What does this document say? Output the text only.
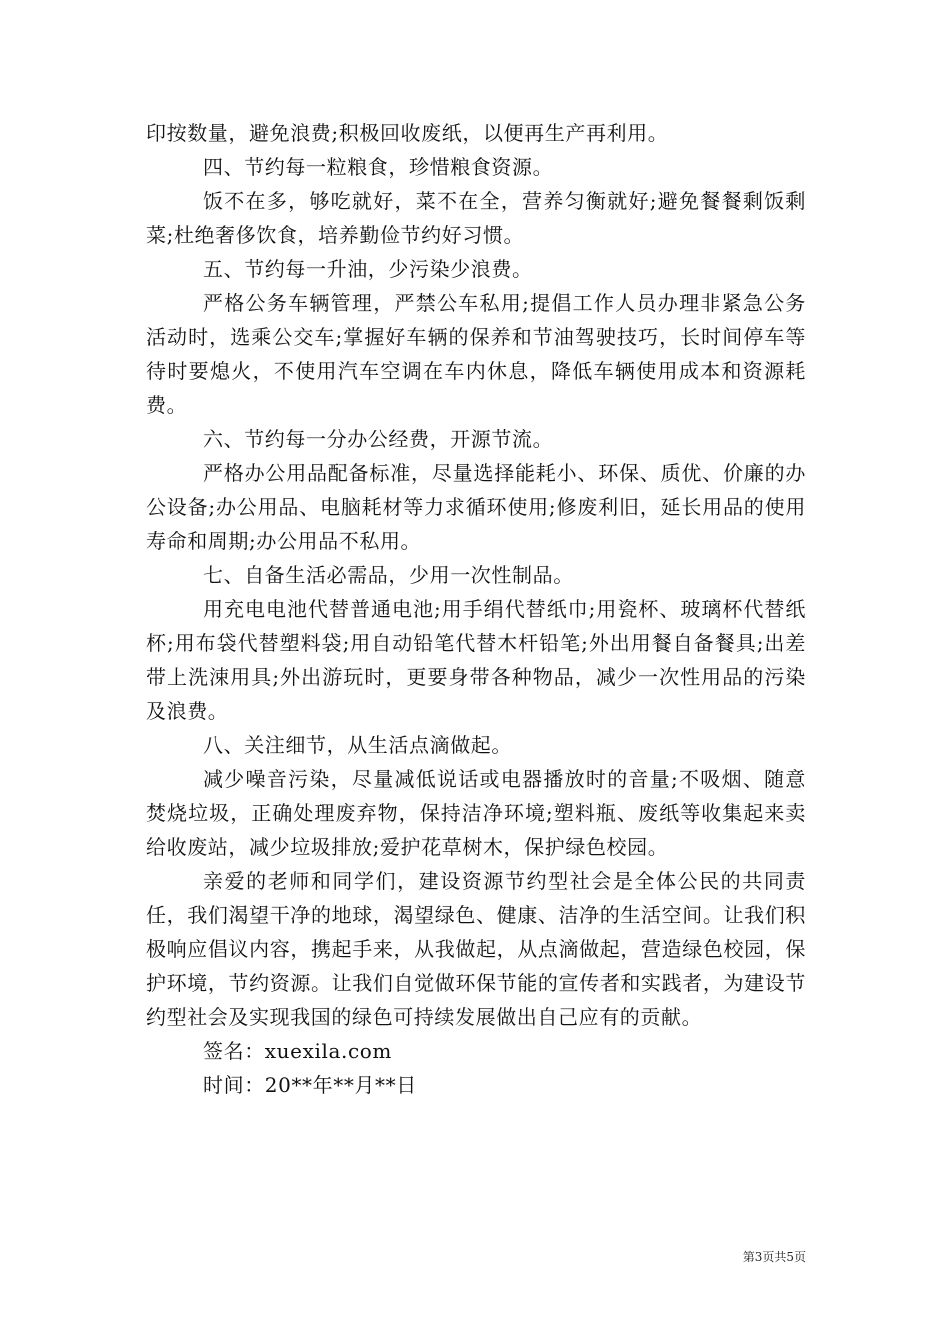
印按数量，避免浪费;积极回收废纸，以便再生产再利用。

四、节约每一粒粮食，珍惜粮食资源。

饭不在多，够吃就好，菜不在全，营养匀衡就好;避免餐餐剩饭剩菜;杜绝奢侈饮食，培养勤俭节约好习惯。

五、节约每一升油，少污染少浪费。

严格公务车辆管理，严禁公车私用;提倡工作人员办理非紧急公务活动时，选乘公交车;掌握好车辆的保养和节油驾驶技巧，长时间停车等待时要熄火，不使用汽车空调在车内休息，降低车辆使用成本和资源耗费。

六、节约每一分办公经费，开源节流。

严格办公用品配备标准，尽量选择能耗小、环保、质优、价廉的办公设备;办公用品、电脑耗材等力求循环使用;修废利旧，延长用品的使用寿命和周期;办公用品不私用。

七、自备生活必需品，少用一次性制品。

用充电电池代替普通电池;用手绢代替纸巾;用瓷杯、玻璃杯代替纸杯;用布袋代替塑料袋;用自动铅笔代替木杆铅笔;外出用餐自备餐具;出差带上洗涑用具;外出游玩时，更要身带各种物品，减少一次性用品的污染及浪费。

八、关注细节，从生活点滴做起。

减少噪音污染，尽量减低说话或电器播放时的音量;不吸烟、随意焚烧垃圾，正确处理废弃物，保持洁净环境;塑料瓶、废纸等收集起来卖给收废站，减少垃圾排放;爱护花草树木，保护绿色校园。

亲爱的老师和同学们，建设资源节约型社会是全体公民的共同责任，我们渴望干净的地球，渴望绿色、健康、洁净的生活空间。让我们积极响应倡议内容，携起手来，从我做起，从点滴做起，营造绿色校园，保护环境，节约资源。让我们自觉做环保节能的宣传者和实践者，为建设节约型社会及实现我国的绿色可持续发展做出自己应有的贡献。

签名：xuexila.com

时间：20**年**月**日

第3页共5页
